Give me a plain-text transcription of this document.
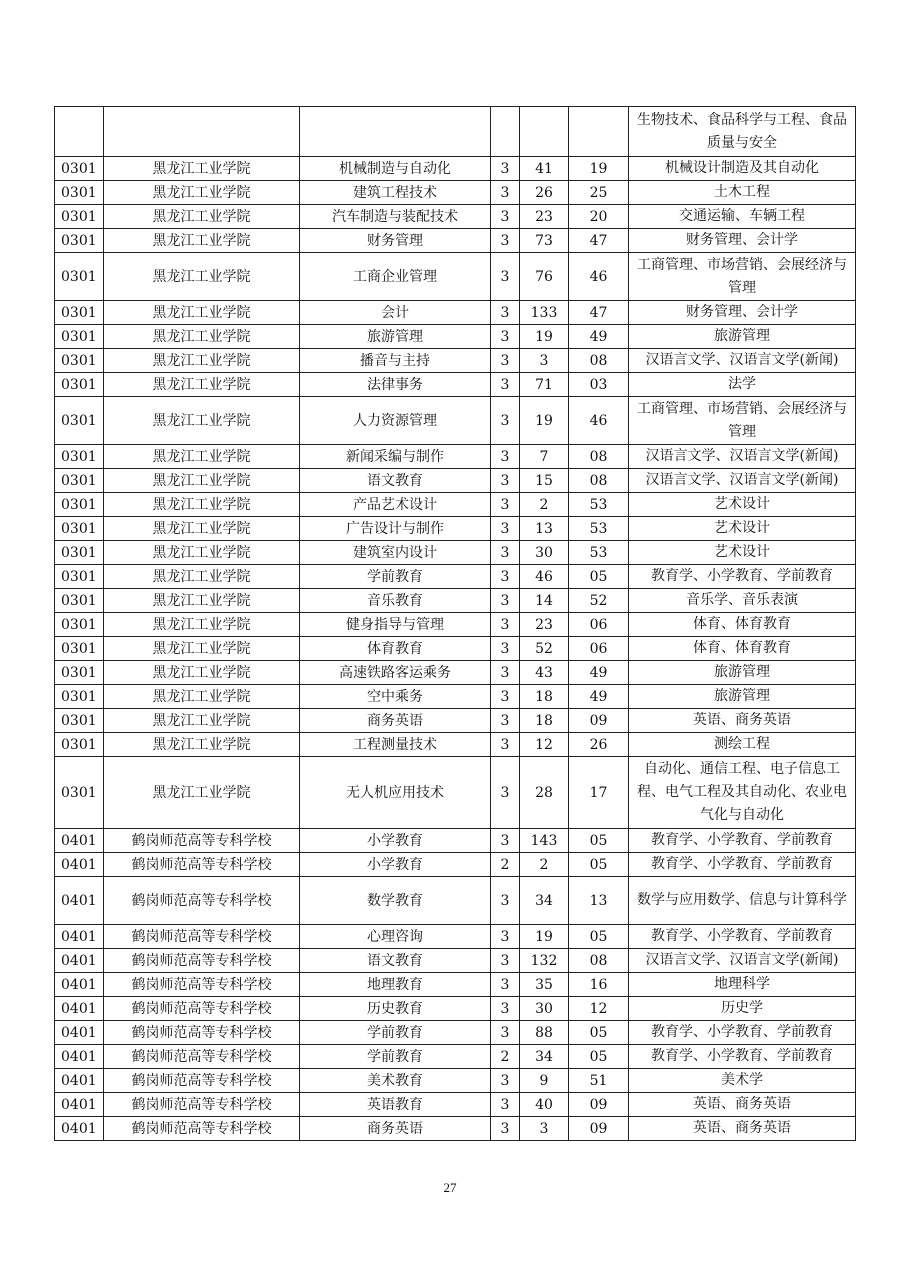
						生物技术、食品科学与工程、食品质量与安全
0301	黑龙江工业学院	机械制造与自动化	3	41	19	机械设计制造及其自动化
0301	黑龙江工业学院	建筑工程技术	3	26	25	土木工程
0301	黑龙江工业学院	汽车制造与装配技术	3	23	20	交通运输、车辆工程
0301	黑龙江工业学院	财务管理	3	73	47	财务管理、会计学
0301	黑龙江工业学院	工商企业管理	3	76	46	工商管理、市场营销、会展经济与管理
0301	黑龙江工业学院	会计	3	133	47	财务管理、会计学
0301	黑龙江工业学院	旅游管理	3	19	49	旅游管理
0301	黑龙江工业学院	播音与主持	3	3	08	汉语言文学、汉语言文学(新闻)
0301	黑龙江工业学院	法律事务	3	71	03	法学
0301	黑龙江工业学院	人力资源管理	3	19	46	工商管理、市场营销、会展经济与管理
0301	黑龙江工业学院	新闻采编与制作	3	7	08	汉语言文学、汉语言文学(新闻)
0301	黑龙江工业学院	语文教育	3	15	08	汉语言文学、汉语言文学(新闻)
0301	黑龙江工业学院	产品艺术设计	3	2	53	艺术设计
0301	黑龙江工业学院	广告设计与制作	3	13	53	艺术设计
0301	黑龙江工业学院	建筑室内设计	3	30	53	艺术设计
0301	黑龙江工业学院	学前教育	3	46	05	教育学、小学教育、学前教育
0301	黑龙江工业学院	音乐教育	3	14	52	音乐学、音乐表演
0301	黑龙江工业学院	健身指导与管理	3	23	06	体育、体育教育
0301	黑龙江工业学院	体育教育	3	52	06	体育、体育教育
0301	黑龙江工业学院	高速铁路客运乘务	3	43	49	旅游管理
0301	黑龙江工业学院	空中乘务	3	18	49	旅游管理
0301	黑龙江工业学院	商务英语	3	18	09	英语、商务英语
0301	黑龙江工业学院	工程测量技术	3	12	26	测绘工程
0301	黑龙江工业学院	无人机应用技术	3	28	17	自动化、通信工程、电子信息工程、电气工程及其自动化、农业电气化与自动化
0401	鹤岗师范高等专科学校	小学教育	3	143	05	教育学、小学教育、学前教育
0401	鹤岗师范高等专科学校	小学教育	2	2	05	教育学、小学教育、学前教育
0401	鹤岗师范高等专科学校	数学教育	3	34	13	数学与应用数学、信息与计算科学
0401	鹤岗师范高等专科学校	心理咨询	3	19	05	教育学、小学教育、学前教育
0401	鹤岗师范高等专科学校	语文教育	3	132	08	汉语言文学、汉语言文学(新闻)
0401	鹤岗师范高等专科学校	地理教育	3	35	16	地理科学
0401	鹤岗师范高等专科学校	历史教育	3	30	12	历史学
0401	鹤岗师范高等专科学校	学前教育	3	88	05	教育学、小学教育、学前教育
0401	鹤岗师范高等专科学校	学前教育	2	34	05	教育学、小学教育、学前教育
0401	鹤岗师范高等专科学校	美术教育	3	9	51	美术学
0401	鹤岗师范高等专科学校	英语教育	3	40	09	英语、商务英语
0401	鹤岗师范高等专科学校	商务英语	3	3	09	英语、商务英语
27
